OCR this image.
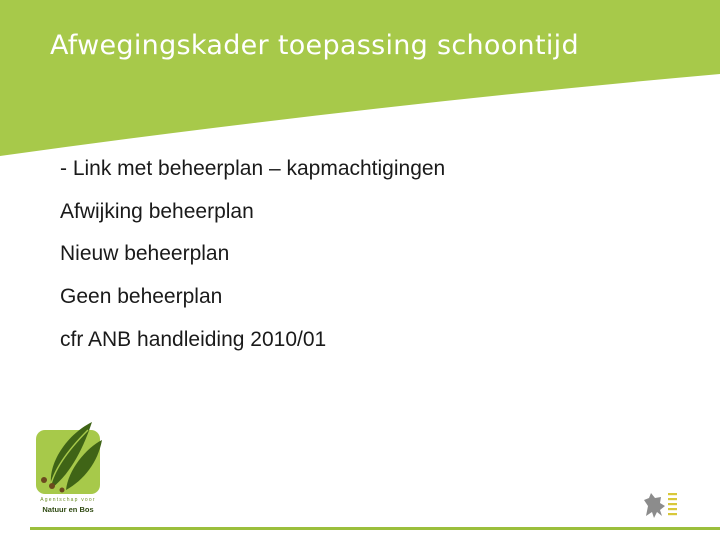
Afwegingskader toepassing schoontijd
- Link met beheerplan – kapmachtigingen
Afwijking beheerplan
Nieuw beheerplan
Geen beheerplan
cfr ANB handleiding 2010/01
Agentschap voor
Natuur en Bos
